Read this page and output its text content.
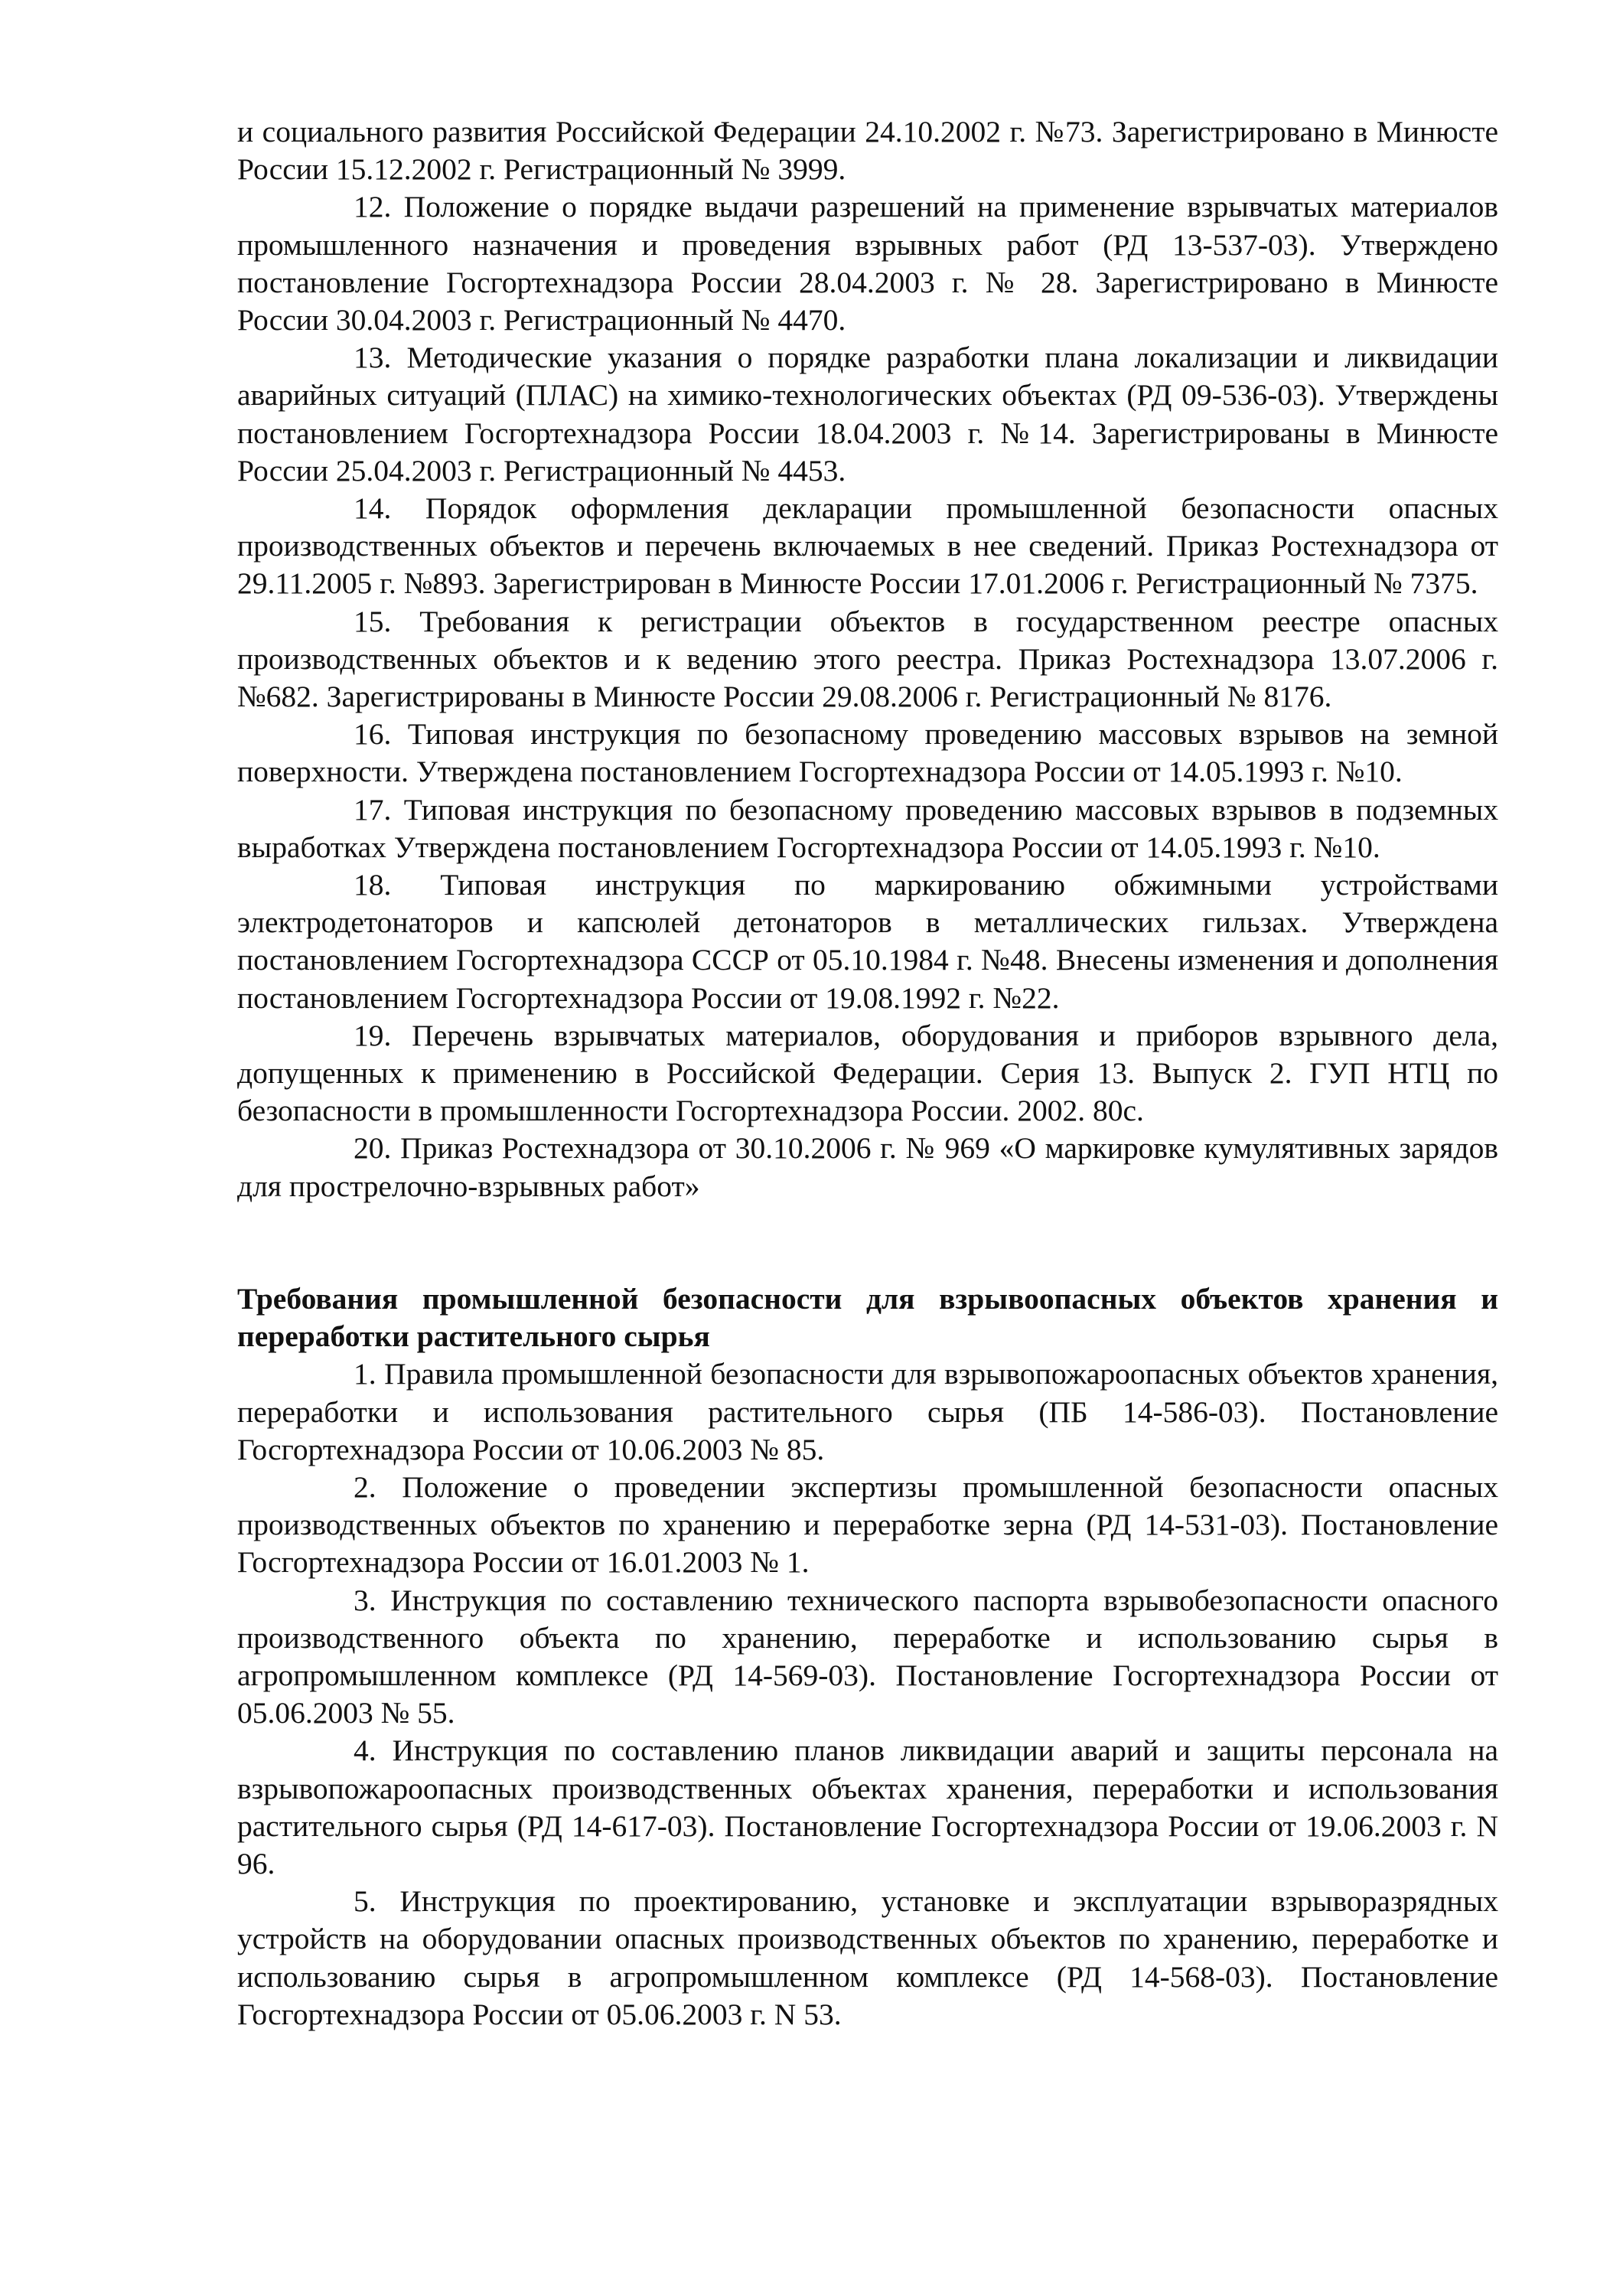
и социального развития Российской Федерации 24.10.2002 г. №73. Зарегистрировано в Минюсте России 15.12.2002 г. Регистрационный № 3999.

12. Положение о порядке выдачи разрешений на применение взрывчатых материалов промышленного назначения и проведения взрывных работ (РД 13-537-03). Утверждено постановление Госгортехнадзора России 28.04.2003 г. № 28. Зарегистрировано в Минюсте России 30.04.2003 г. Регистрационный № 4470.

13. Методические указания о порядке разработки плана локализации и ликвидации аварийных ситуаций (ПЛАС) на химико-технологических объектах (РД 09-536-03). Утверждены постановлением Госгортехнадзора России 18.04.2003 г. №14. Зарегистрированы в Минюсте России 25.04.2003 г. Регистрационный № 4453.

14. Порядок оформления декларации промышленной безопасности опасных производственных объектов и перечень включаемых в нее сведений. Приказ Ростехнадзора от 29.11.2005 г. №893. Зарегистрирован в Минюсте России 17.01.2006 г. Регистрационный № 7375.

15. Требования к регистрации объектов в государственном реестре опасных производственных объектов и к ведению этого реестра. Приказ Ростехнадзора 13.07.2006 г. №682. Зарегистрированы в Минюсте России 29.08.2006 г. Регистрационный № 8176.

16. Типовая инструкция по безопасному проведению массовых взрывов на земной поверхности. Утверждена постановлением Госгортехнадзора России от 14.05.1993 г. №10.

17. Типовая инструкция по безопасному проведению массовых взрывов в подземных выработках Утверждена постановлением Госгортехнадзора России от 14.05.1993 г. №10.

18. Типовая инструкция по маркированию обжимными устройствами электродетонаторов и капсюлей детонаторов в металлических гильзах. Утверждена постановлением Госгортехнадзора СССР от 05.10.1984 г. №48. Внесены изменения и дополнения постановлением Госгортехнадзора России от 19.08.1992 г. №22.

19. Перечень взрывчатых материалов, оборудования и приборов взрывного дела, допущенных к применению в Российской Федерации. Серия 13. Выпуск 2. ГУП НТЦ по безопасности в промышленности Госгортехнадзора России. 2002. 80с.

20. Приказ Ростехнадзора от 30.10.2006 г. № 969 «О маркировке кумулятивных зарядов для прострелочно-взрывных работ»

Требования промышленной безопасности для взрывоопасных объектов хранения и переработки растительного сырья

1. Правила промышленной безопасности для взрывопожароопасных объектов хранения, переработки и использования растительного сырья (ПБ 14-586-03). Постановление Госгортехнадзора России от 10.06.2003 № 85.

2. Положение о проведении экспертизы промышленной безопасности опасных производственных объектов по хранению и переработке зерна (РД 14-531-03). Постановление Госгортехнадзора России от 16.01.2003 № 1.

3. Инструкция по составлению технического паспорта взрывобезопасности опасного производственного объекта по хранению, переработке и использованию сырья в агропромышленном комплексе (РД 14-569-03). Постановление Госгортехнадзора России от 05.06.2003 № 55.

4. Инструкция по составлению планов ликвидации аварий и защиты персонала на взрывопожароопасных производственных объектах хранения, переработки и использования растительного сырья (РД 14-617-03). Постановление Госгортехнадзора России от 19.06.2003 г. N 96.

5. Инструкция по проектированию, установке и эксплуатации взрыворазрядных устройств на оборудовании опасных производственных объектов по хранению, переработке и использованию сырья в агропромышленном комплексе (РД 14-568-03). Постановление Госгортехнадзора России от 05.06.2003 г. N 53.
